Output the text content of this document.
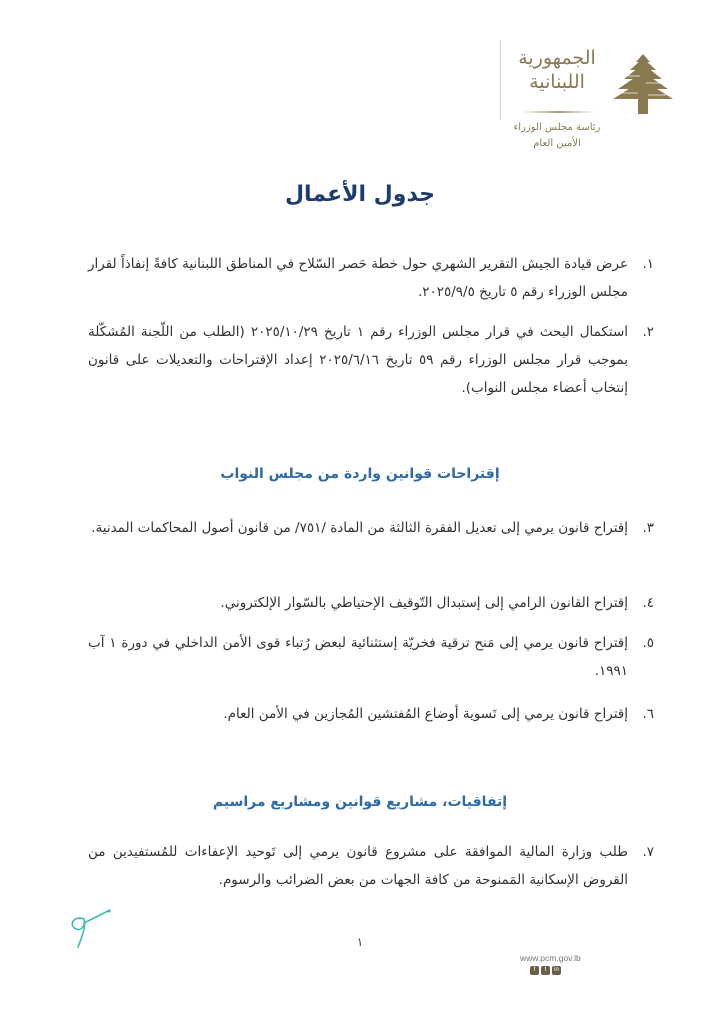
الجمهورية
اللبنانية
رئاسة مجلس الوزراء
الأمين العام
جدول الأعمال
١.
عرض قيادة الجيش التقرير الشهري حول خطة حَصر السّلاح في المناطق اللبنانية كافةً إنفاذاً لقرار مجلس الوزراء رقم ٥ تاريخ ٢٠٢٥/٩/٥.
٢.
استكمال البحث في قرار مجلس الوزراء رقم ١ تاريخ ٢٠٢٥/١٠/٢٩ (الطلب من اللّجنة المُشكّلة بموجب قرار مجلس الوزراء رقم ٥٩ تاريخ ٢٠٢٥/٦/١٦ إعداد الإقتراحات والتعديلات على قانون إنتخاب أعضاء مجلس النواب).
إقتراحات قوانين واردة من مجلس النواب
٣.
إقتراح قانون يرمي إلى تعديل الفقرة الثالثة من المادة /٧٥١/ من قانون أصول المحاكمات المدنية.
٤.
إقتراح القانون الرامي إلى إستبدال التّوقيف الإحتياطي بالسّوار الإلكتروني.
٥.
إقتراح قانون يرمي إلى مَنح ترقية فخريّة إستثنائية لبعض رُتباء قوى الأمن الداخلي في دورة ١ آب ١٩٩١.
٦.
إقتراح قانون يرمي إلى تَسوية أوضاع المُفتشين المُجازين في الأمن العام.
إتفاقيات، مشاريع قوانين ومشاريع مراسيم
٧.
طلب وزارة المالية الموافقة على مشروع قانون يرمي إلى تَوحيد الإعفاءات للمُستفيدين من القروض الإسكانية المَمنوحة من كافة الجهات من بعض الضرائب والرسوم.
١
www.pcm.gov.lb
f	t	in
